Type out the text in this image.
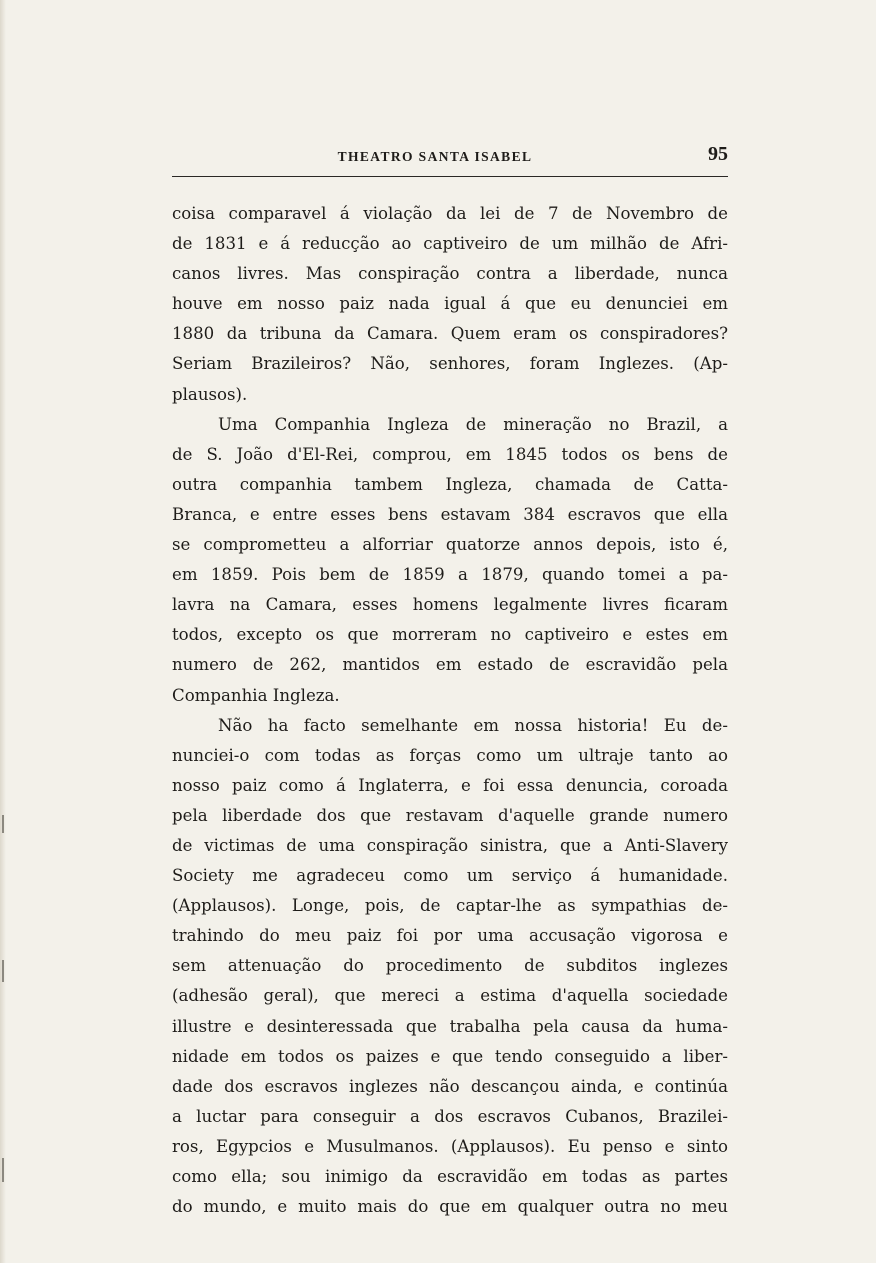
THEATRO SANTA ISABEL	95
coisa comparavel á violação da lei de 7 de Novembro de
de 1831 e á reducção ao captiveiro de um milhão de Afri-
canos livres. Mas conspiração contra a liberdade, nunca
houve em nosso paiz nada igual á que eu denunciei em
1880 da tribuna da Camara. Quem eram os conspiradores?
Seriam Brazileiros? Não, senhores, foram Inglezes. (Ap-
plausos).
Uma Companhia Ingleza de mineração no Brazil, a
de S. João d'El-Rei, comprou, em 1845 todos os bens de
outra companhia tambem Ingleza, chamada de Catta-
Branca, e entre esses bens estavam 384 escravos que ella
se compromettеu a alforriar quatorze annos depois, isto é,
em 1859. Pois bem de 1859 a 1879, quando tomei a pa-
lavra na Camara, esses homens legalmente livres ficaram
todos, excepto os que morreram no captiveiro e estes em
numero de 262, mantidos em estado de escravidão pela
Companhia Ingleza.
Não ha facto semelhante em nossa historia! Eu de-
nunciei-o com todas as forças como um ultraje tanto ao
nosso paiz como á Inglaterra, e foi essa denuncia, coroada
pela liberdade dos que restavam d'aquelle grande numero
de victimas de uma conspiração sinistra, que a Anti-Slavery
Society me agradeceu como um serviço á humanidade.
(Applausos). Longe, pois, de captar-lhe as sympathias de-
trahindo do meu paiz foi por uma accusação vigorosa e
sem attenuação do procedimento de subditos inglezes
(adhesão geral), que mereci a estima d'aquella sociedade
illustre e desinteressada que trabalha pela causa da huma-
nidade em todos os paizes e que tendo conseguido a liber-
dade dos escravos inglezes não descançou ainda, e continúa
a luctar para conseguir a dos escravos Cubanos, Brazilei-
ros, Egypcios e Musulmanos. (Applausos). Eu penso e sinto
como ella; sou inimigo da escravidão em todas as partes
do mundo, e muito mais do que em qualquer outra no meu
